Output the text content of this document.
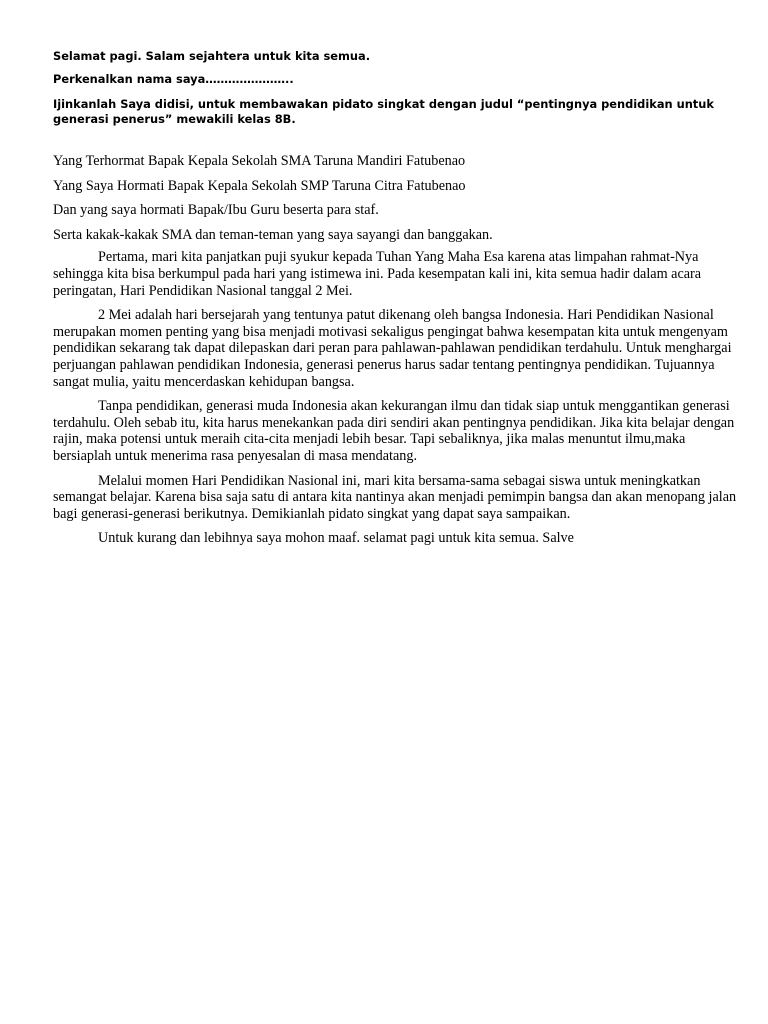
Selamat pagi. Salam sejahtera untuk kita semua.

Perkenalkan nama saya…………………..

Ijinkanlah Saya didisi, untuk membawakan pidato singkat dengan judul “pentingnya pendidikan untuk generasi penerus” mewakili kelas 8B.

Yang Terhormat Bapak Kepala Sekolah SMA Taruna Mandiri Fatubenao

Yang Saya Hormati Bapak Kepala Sekolah SMP Taruna Citra Fatubenao

Dan yang saya hormati Bapak/Ibu Guru beserta para staf.

Serta kakak-kakak SMA dan teman-teman yang saya sayangi dan banggakan.

Pertama, mari kita panjatkan puji syukur kepada Tuhan Yang Maha Esa karena atas limpahan rahmat-Nya sehingga kita bisa berkumpul pada hari yang istimewa ini. Pada kesempatan kali ini, kita semua hadir dalam acara peringatan, Hari Pendidikan Nasional tanggal 2 Mei.

2 Mei adalah hari bersejarah yang tentunya patut dikenang oleh bangsa Indonesia. Hari Pendidikan Nasional merupakan momen penting yang bisa menjadi motivasi sekaligus pengingat bahwa kesempatan kita untuk mengenyam pendidikan sekarang tak dapat dilepaskan dari peran para pahlawan-pahlawan pendidikan terdahulu. Untuk menghargai perjuangan pahlawan pendidikan Indonesia, generasi penerus harus sadar tentang pentingnya pendidikan. Tujuannya sangat mulia, yaitu mencerdaskan kehidupan bangsa.

Tanpa pendidikan, generasi muda Indonesia akan kekurangan ilmu dan tidak siap untuk menggantikan generasi terdahulu. Oleh sebab itu, kita harus menekankan pada diri sendiri akan pentingnya pendidikan. Jika kita belajar dengan rajin, maka potensi untuk meraih cita-cita menjadi lebih besar. Tapi sebaliknya, jika malas menuntut ilmu,maka bersiaplah untuk menerima rasa penyesalan di masa mendatang.

Melalui momen Hari Pendidikan Nasional ini, mari kita bersama-sama sebagai siswa untuk meningkatkan semangat belajar. Karena bisa saja satu di antara kita nantinya akan menjadi pemimpin bangsa dan akan menopang jalan bagi generasi-generasi berikutnya. Demikianlah pidato singkat yang dapat saya sampaikan.

Untuk kurang dan lebihnya saya mohon maaf. selamat pagi untuk kita semua. Salve
